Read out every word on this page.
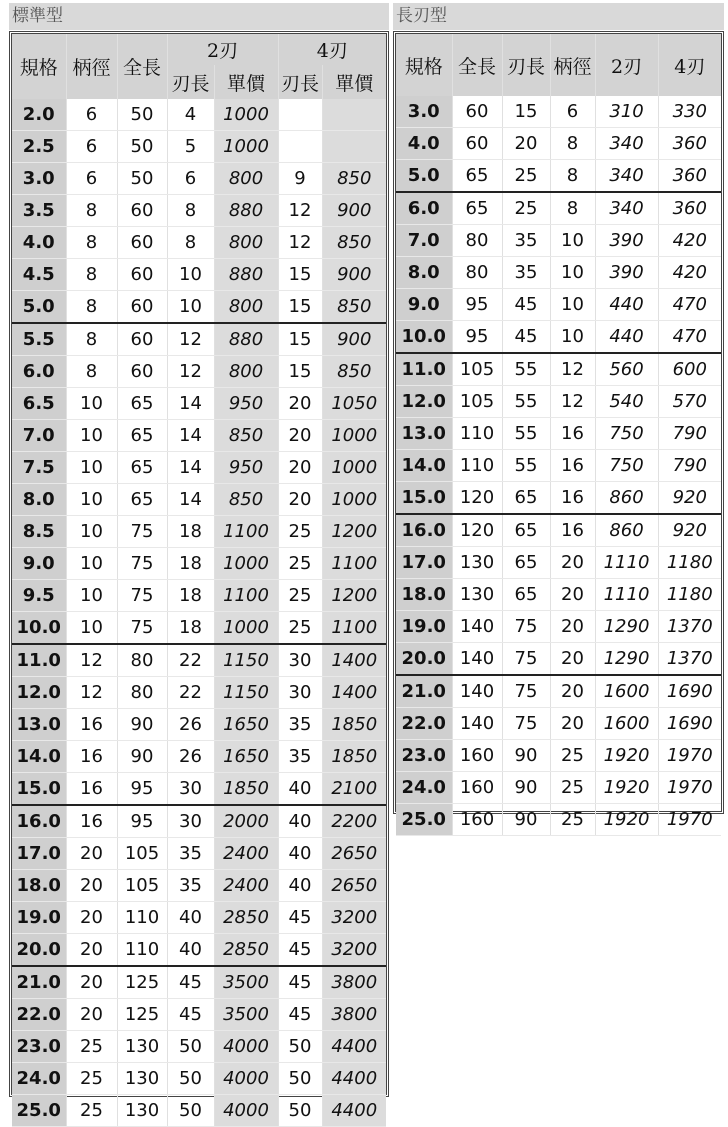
標準型
規格	柄徑	全長	2刃		4刃	
			刃長	單價	刃長	單價
2.0	6	50	4	1000		
2.5	6	50	5	1000		
3.0	6	50	6	800	9	850
3.5	8	60	8	880	12	900
4.0	8	60	8	800	12	850
4.5	8	60	10	880	15	900
5.0	8	60	10	800	15	850
5.5	8	60	12	880	15	900
6.0	8	60	12	800	15	850
6.5	10	65	14	950	20	1050
7.0	10	65	14	850	20	1000
7.5	10	65	14	950	20	1000
8.0	10	65	14	850	20	1000
8.5	10	75	18	1100	25	1200
9.0	10	75	18	1000	25	1100
9.5	10	75	18	1100	25	1200
10.0	10	75	18	1000	25	1100
11.0	12	80	22	1150	30	1400
12.0	12	80	22	1150	30	1400
13.0	16	90	26	1650	35	1850
14.0	16	90	26	1650	35	1850
15.0	16	95	30	1850	40	2100
16.0	16	95	30	2000	40	2200
17.0	20	105	35	2400	40	2650
18.0	20	105	35	2400	40	2650
19.0	20	110	40	2850	45	3200
20.0	20	110	40	2850	45	3200
21.0	20	125	45	3500	45	3800
22.0	20	125	45	3500	45	3800
23.0	25	130	50	4000	50	4400
24.0	25	130	50	4000	50	4400
25.0	25	130	50	4000	50	4400
長刃型
規格	全長	刃長	柄徑	2刃	4刃
3.0	60	15	6	310	330
4.0	60	20	8	340	360
5.0	65	25	8	340	360
6.0	65	25	8	340	360
7.0	80	35	10	390	420
8.0	80	35	10	390	420
9.0	95	45	10	440	470
10.0	95	45	10	440	470
11.0	105	55	12	560	600
12.0	105	55	12	540	570
13.0	110	55	16	750	790
14.0	110	55	16	750	790
15.0	120	65	16	860	920
16.0	120	65	16	860	920
17.0	130	65	20	1110	1180
18.0	130	65	20	1110	1180
19.0	140	75	20	1290	1370
20.0	140	75	20	1290	1370
21.0	140	75	20	1600	1690
22.0	140	75	20	1600	1690
23.0	160	90	25	1920	1970
24.0	160	90	25	1920	1970
25.0	160	90	25	1920	1970
